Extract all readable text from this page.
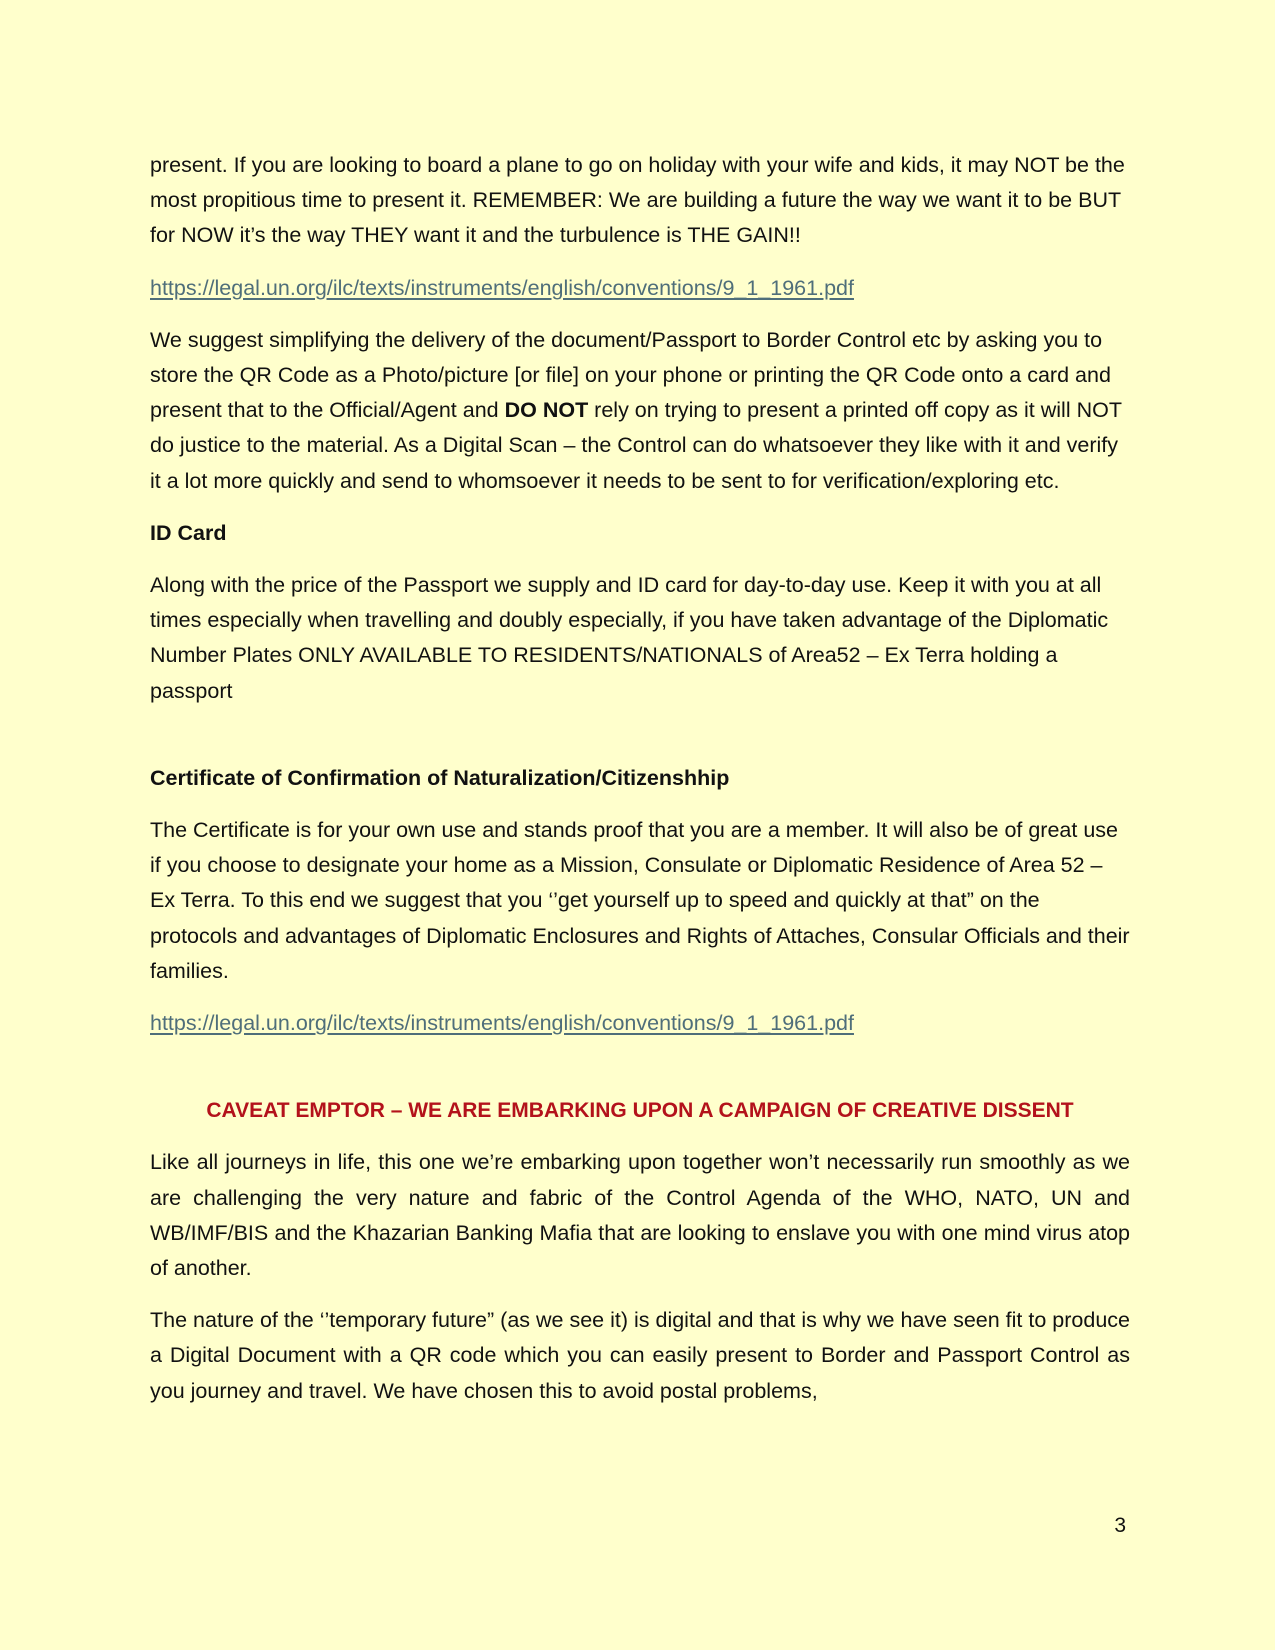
present. If you are looking to board a plane to go on holiday with your wife and kids, it may NOT be the most propitious time to present it. REMEMBER: We are building a future the way we want it to be BUT for NOW it’s the way THEY want it and the turbulence is THE GAIN!!

https://legal.un.org/ilc/texts/instruments/english/conventions/9_1_1961.pdf

We suggest simplifying the delivery of the document/Passport to Border Control etc by asking you to store the QR Code as a Photo/picture [or file] on your phone or printing the QR Code onto a card and present that to the Official/Agent and DO NOT rely on trying to present a printed off copy as it will NOT do justice to the material. As a Digital Scan – the Control can do whatsoever they like with it and verify it a lot more quickly and send to whomsoever it needs to be sent to for verification/exploring etc.

ID Card

Along with the price of the Passport we supply and ID card for day-to-day use. Keep it with you at all times especially when travelling and doubly especially, if you have taken advantage of the Diplomatic Number Plates ONLY AVAILABLE TO RESIDENTS/NATIONALS of Area52 – Ex Terra holding a passport

Certificate of Confirmation of Naturalization/Citizenshhip

The Certificate is for your own use and stands proof that you are a member. It will also be of great use if you choose to designate your home as a Mission, Consulate or Diplomatic Residence of Area 52 – Ex Terra. To this end we suggest that you ‘’get yourself up to speed and quickly at that” on the protocols and advantages of Diplomatic Enclosures and Rights of Attaches, Consular Officials and their families.

https://legal.un.org/ilc/texts/instruments/english/conventions/9_1_1961.pdf

CAVEAT EMPTOR – WE ARE EMBARKING UPON A CAMPAIGN OF CREATIVE DISSENT

Like all journeys in life, this one we’re embarking upon together won’t necessarily run smoothly as we are challenging the very nature and fabric of the Control Agenda of the WHO, NATO, UN and WB/IMF/BIS and the Khazarian Banking Mafia that are looking to enslave you with one mind virus atop of another.

The nature of the ‘’temporary future” (as we see it) is digital and that is why we have seen fit to produce a Digital Document with a QR code which you can easily present to Border and Passport Control as you journey and travel. We have chosen this to avoid postal problems,

3
